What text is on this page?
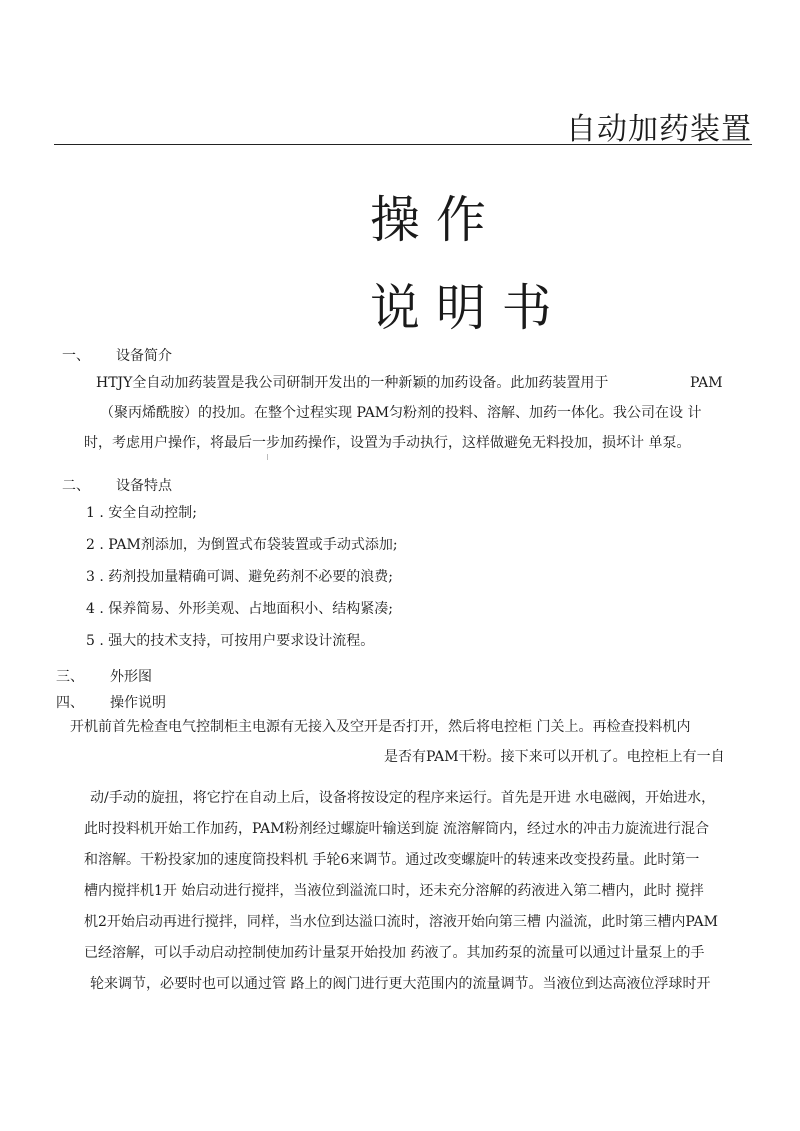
自动加药装置
操 作
说 明 书
一、 设备简介
HTJY全自动加药装置是我公司研制开发出的一种新颖的加药设备。此加药装置用于	PAM
（聚丙烯酰胺）的投加。在整个过程实现 PAM匀粉剂的投料、溶解、加药一体化。我公司在设 计
时，考虑用户操作，将最后一步加药操作，设置为手动执行，这样做避免无料投加，损坏计 单泵。
二、 设备特点
1 . 安全自动控制;
2 . PAM剂添加，为倒置式布袋装置或手动式添加;
3 . 药剂投加量精确可调、避免药剂不必要的浪费;
4 . 保养简易、外形美观、占地面积小、结构紧凑;
5 . 强大的技术支持，可按用户要求设计流程。
三、 外形图
四、 操作说明
开机前首先检查电气控制柜主电源有无接入及空开是否打开，然后将电控柜 门关上。再检查投料机内
是否有PAM干粉。接下来可以开机了。电控柜上有一自
动/手动的旋扭，将它拧在自动上后，设备将按设定的程序来运行。首先是开进 水电磁阀，开始进水，
此时投料机开始工作加药，PAM粉剂经过螺旋叶输送到旋 流溶解筒内，经过水的冲击力旋流进行混合
和溶解。干粉投家加的速度筒投料机 手轮6来调节。通过改变螺旋叶的转速来改变投药量。此时第一
槽内搅拌机1开 始启动进行搅拌，当液位到溢流口时，还未充分溶解的药液进入第二槽内，此时 搅拌
机2开始启动再进行搅拌，同样，当水位到达溢口流时，溶液开始向第三槽 内溢流，此时第三槽内PAM
已经溶解，可以手动启动控制使加药计量泵开始投加 药液了。其加药泵的流量可以通过计量泵上的手
轮来调节，必要时也可以通过管 路上的阀门进行更大范围内的流量调节。当液位到达高液位浮球时开
